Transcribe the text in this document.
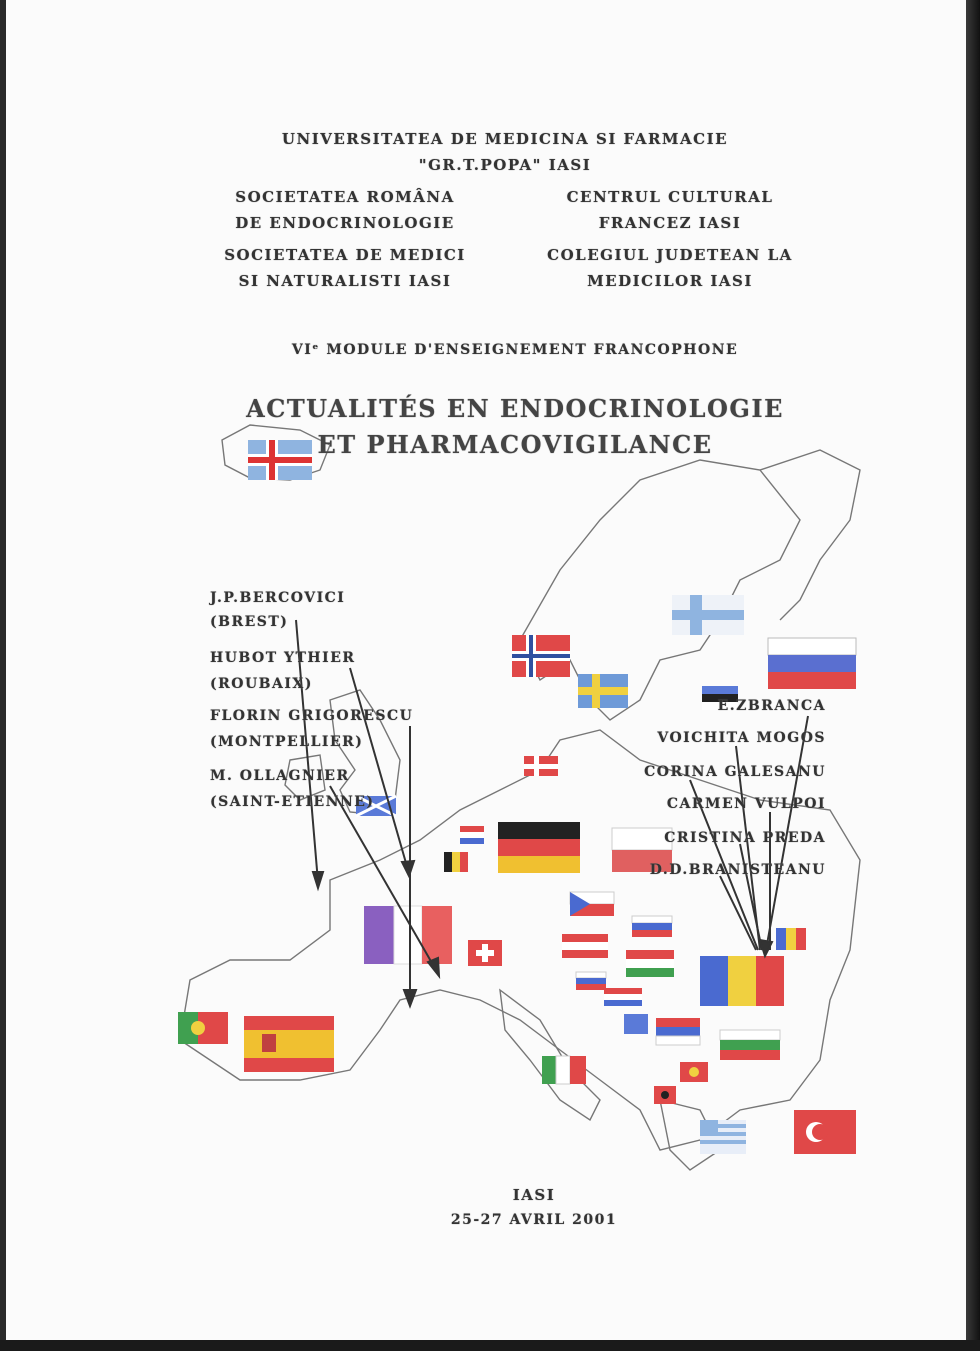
UNIVERSITATEA DE MEDICINA SI FARMACIE
"GR.T.POPA" IASI
SOCIETATEA ROMÂNA
DE ENDOCRINOLOGIE
SOCIETATEA DE MEDICI
SI NATURALISTI IASI
CENTRUL CULTURAL
FRANCEZ IASI
COLEGIUL JUDETEAN LA
MEDICILOR IASI
VIᵉ MODULE D'ENSEIGNEMENT FRANCOPHONE
ACTUALITÉS EN ENDOCRINOLOGIE
ET PHARMACOVIGILANCE
J.P.BERCOVICI
(BREST)
HUBOT YTHIER
(ROUBAIX)
FLORIN GRIGORESCU
(MONTPELLIER)
M. OLLAGNIER
(SAINT-ETIENNE)
E.ZBRANCA
VOICHITA MOGOS
CORINA GALESANU
CARMEN VULPOI
CRISTINA PREDA
D.D.BRANISTEANU
IASI
25-27 AVRIL 2001
